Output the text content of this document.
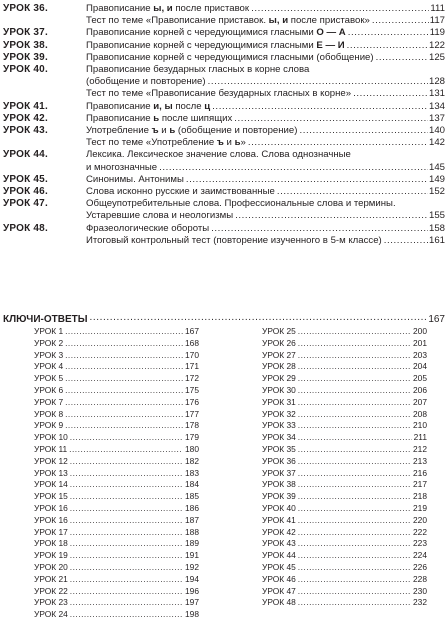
УРОК 36.	Правописание ы, и после приставок .....	111
Тест по теме «Правописание приставок. ы, и после приставок» .....	117
УРОК 37.	Правописание корней с чередующимися гласными О — А .....	119
УРОК 38.	Правописание корней с чередующимися гласными Е — И .....	122
УРОК 39.	Правописание корней с чередующимися гласными (обобщение) .....	125
УРОК 40.	Правописание безударных гласных в корне слова
(обобщение и повторение) .....	128
Тест по теме «Правописание безударных гласных в корне» .....	131
УРОК 41.	Правописание и, ы после ц .....	134
УРОК 42.	Правописание ь после шипящих .....	137
УРОК 43.	Употребление ъ и ь (обобщение и повторение) .....	140
Тест по теме «Употребление ъ и ь» .....	142
УРОК 44.	Лексика. Лексическое значение слова. Слова однозначные
и многозначные .....	145
УРОК 45.	Синонимы. Антонимы .....	149
УРОК 46.	Слова исконно русские и заимствованные .....	152
УРОК 47.	Общеупотребительные слова. Профессиональные слова и термины.
Устаревшие слова и неологизмы .....	155
УРОК 48.	Фразеологические обороты .....	158
Итоговый контрольный тест (повторение изученного в 5-м классе) .....	161
КЛЮЧИ-ОТВЕТЫ .....	167
УРОК 1 .....	167
УРОК 2 .....	168
УРОК 3 .....	170
УРОК 4 .....	171
УРОК 5 .....	172
УРОК 6 .....	175
УРОК 7 .....	176
УРОК 8 .....	177
УРОК 9 .....	178
УРОК 10 .....	179
УРОК 11 .....	180
УРОК 12 .....	182
УРОК 13 .....	183
УРОК 14 .....	184
УРОК 15 .....	185
УРОК 16 .....	186
УРОК 16 .....	187
УРОК 17 .....	188
УРОК 18 .....	189
УРОК 19 .....	191
УРОК 20 .....	192
УРОК 21 .....	194
УРОК 22 .....	196
УРОК 23 .....	197
УРОК 24 .....	198
УРОК 25 .....	200
УРОК 26 .....	201
УРОК 27 .....	203
УРОК 28 .....	204
УРОК 29 .....	205
УРОК 30 .....	206
УРОК 31 .....	207
УРОК 32 .....	208
УРОК 33 .....	210
УРОК 34 .....	211
УРОК 35 .....	212
УРОК 36 .....	213
УРОК 37 .....	216
УРОК 38 .....	217
УРОК 39 .....	218
УРОК 40 .....	219
УРОК 41 .....	220
УРОК 42 .....	222
УРОК 43 .....	223
УРОК 44 .....	224
УРОК 45 .....	226
УРОК 46 .....	228
УРОК 47 .....	230
УРОК 48 .....	232
